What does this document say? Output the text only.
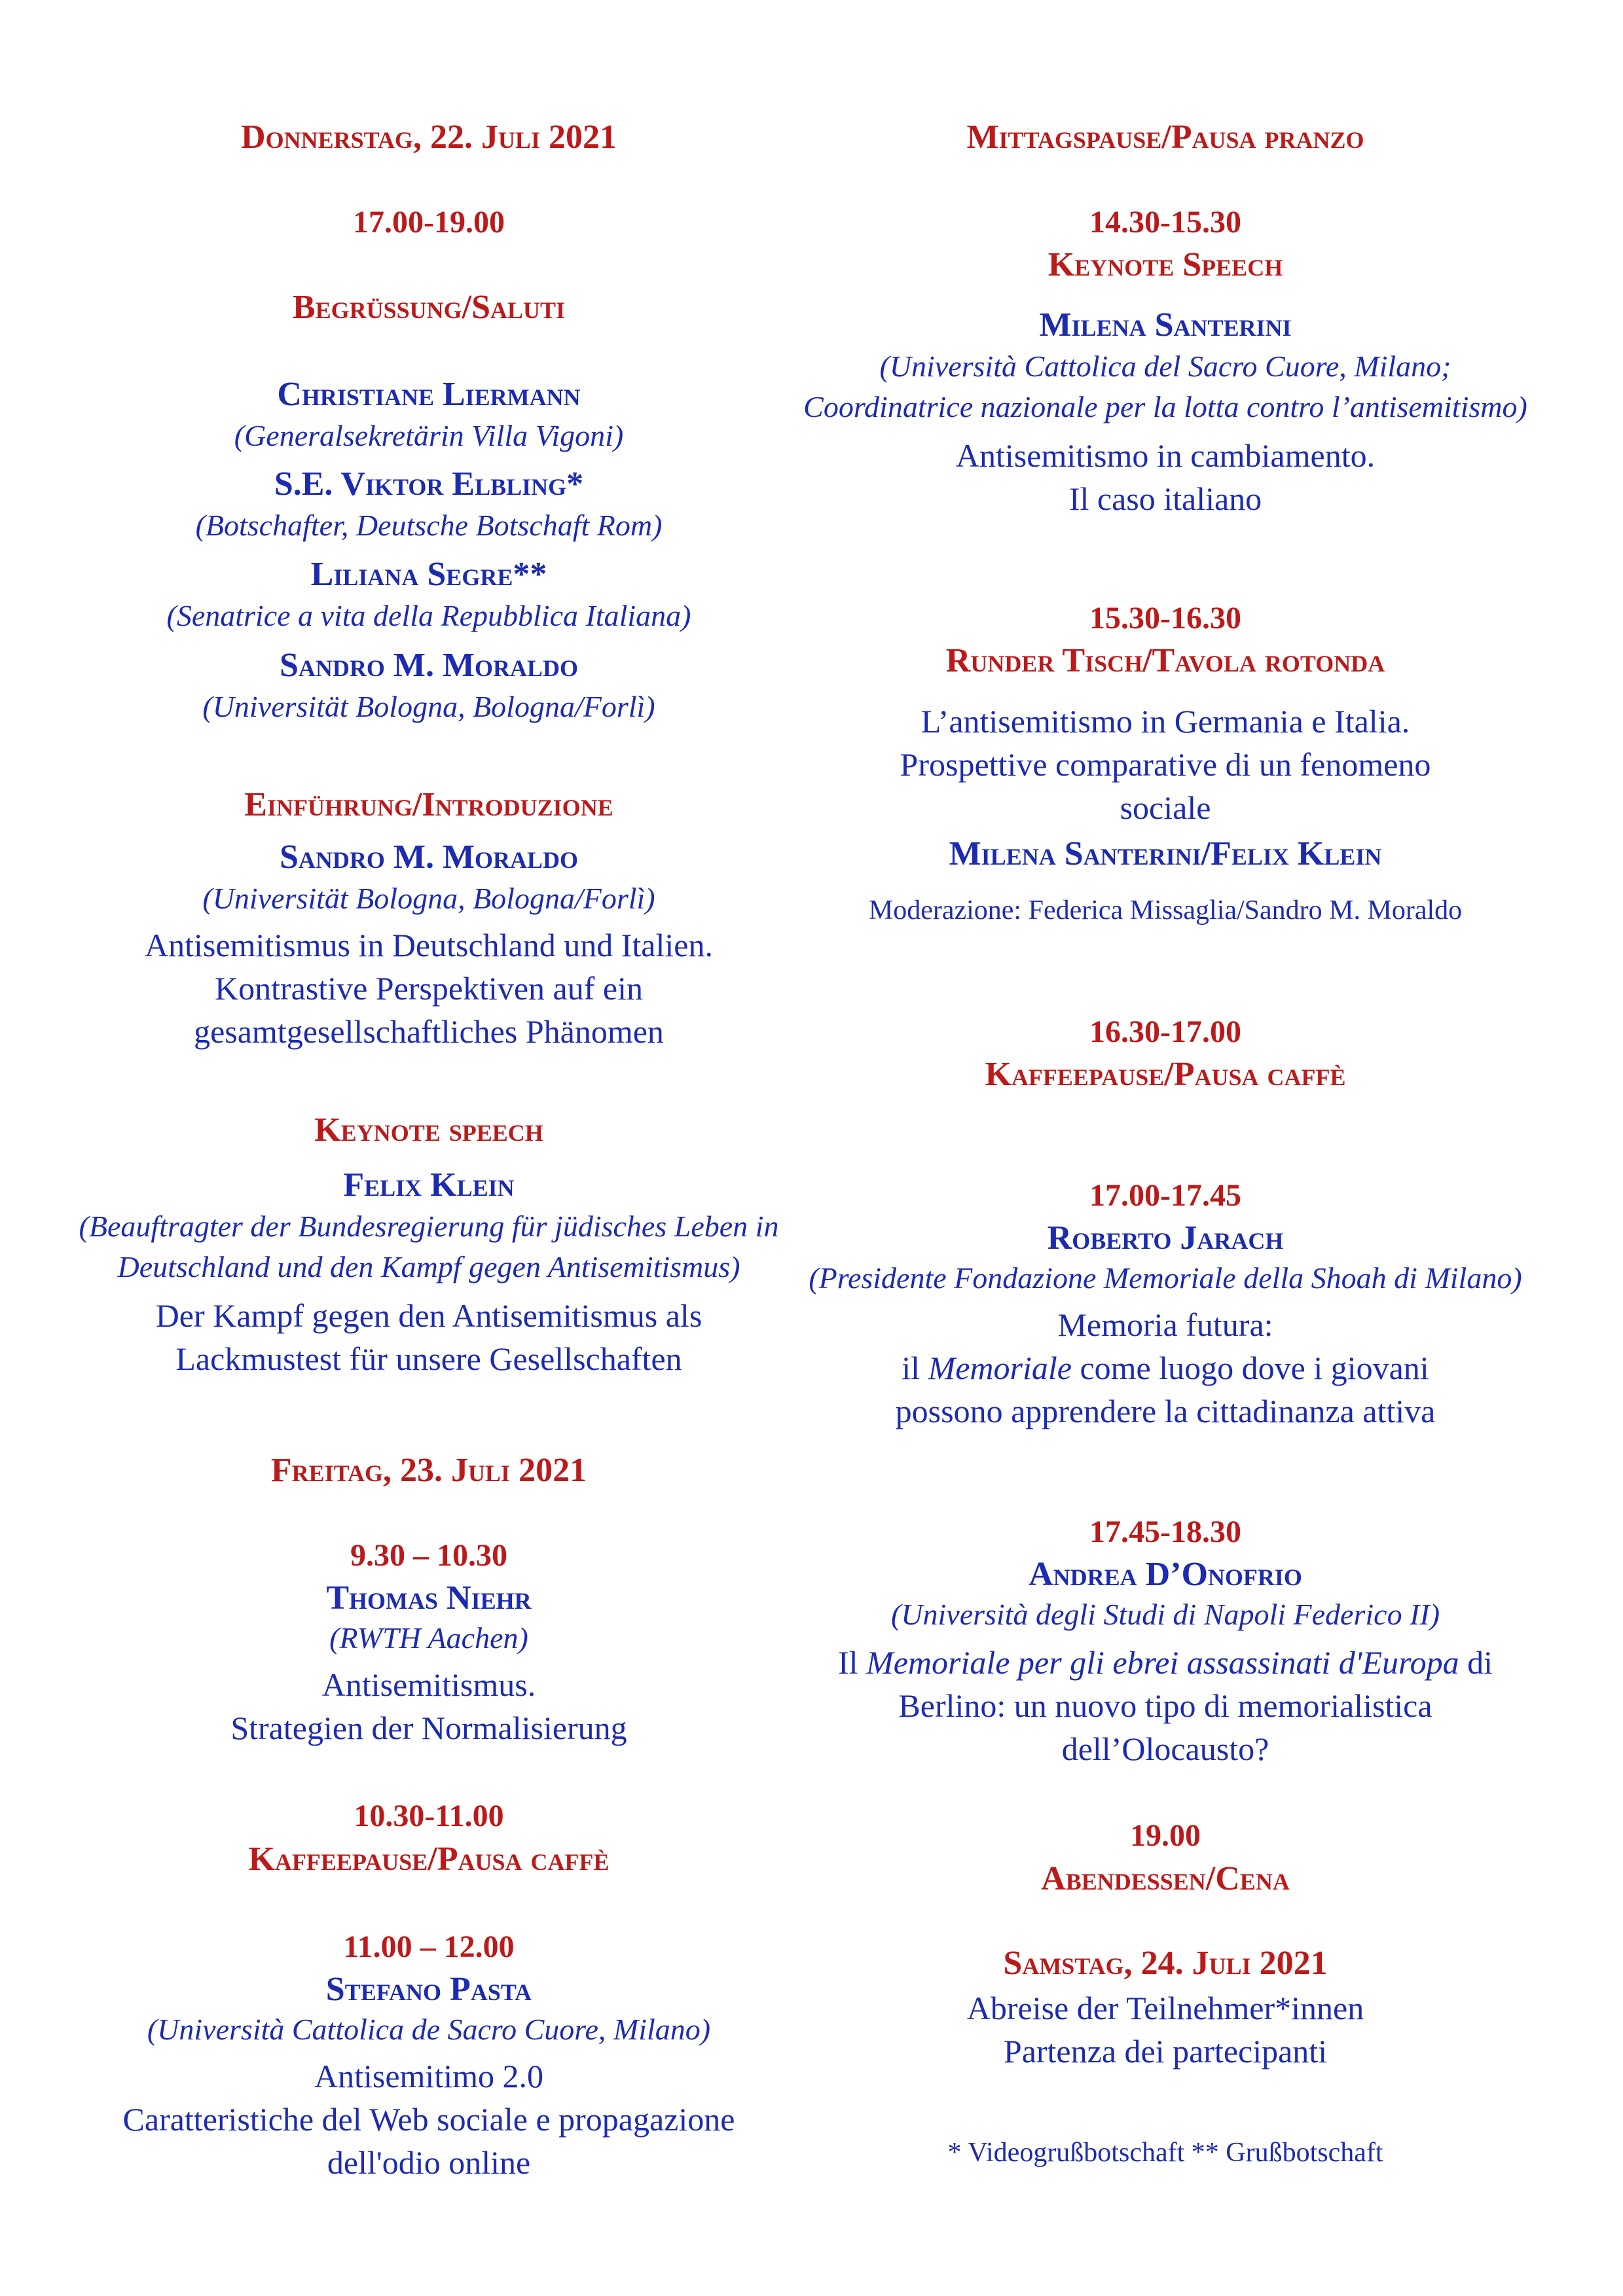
Donnerstag, 22. Juli 2021
17.00-19.00
Begrüßung/Saluti
Christiane Liermann
(Generalsekretärin Villa Vigoni)
S.E. Viktor Elbling*
(Botschafter, Deutsche Botschaft Rom)
Liliana Segre**
(Senatrice a vita della Repubblica Italiana)
Sandro M. Moraldo
(Universität Bologna, Bologna/Forlì)
Einführung/Introduzione
Sandro M. Moraldo
(Universität Bologna, Bologna/Forlì)
Antisemitismus in Deutschland und Italien.
Kontrastive Perspektiven auf ein
gesamtgesellschaftliches Phänomen
Keynote speech
Felix Klein
(Beauftragter der Bundesregierung für jüdisches Leben in
Deutschland und den Kampf gegen Antisemitismus)
Der Kampf gegen den Antisemitismus als
Lackmustest für unsere Gesellschaften
Freitag, 23. Juli 2021
9.30 – 10.30
Thomas Niehr
(RWTH Aachen)
Antisemitismus.
Strategien der Normalisierung
10.30-11.00
Kaffeepause/Pausa caffè
11.00 – 12.00
Stefano Pasta
(Università Cattolica de Sacro Cuore, Milano)
Antisemitimo 2.0
Caratteristiche del Web sociale e propagazione
dell'odio online
Mittagspause/Pausa pranzo
14.30-15.30
Keynote Speech
Milena Santerini
(Università Cattolica del Sacro Cuore, Milano;
Coordinatrice nazionale per la lotta contro l’antisemitismo)
Antisemitismo in cambiamento.
Il caso italiano
15.30-16.30
Runder Tisch/Tavola rotonda
L’antisemitismo in Germania e Italia.
Prospettive comparative di un fenomeno
sociale
Milena Santerini/Felix Klein
Moderazione: Federica Missaglia/Sandro M. Moraldo
16.30-17.00
Kaffeepause/Pausa caffè
17.00-17.45
Roberto Jarach
(Presidente Fondazione Memoriale della Shoah di Milano)
Memoria futura:
il Memoriale come luogo dove i giovani
possono apprendere la cittadinanza attiva
17.45-18.30
Andrea D’Onofrio
(Università degli Studi di Napoli Federico II)
Il Memoriale per gli ebrei assassinati d'Europa di
Berlino: un nuovo tipo di memorialistica
dell’Olocausto?
19.00
Abendessen/Cena
Samstag, 24. Juli 2021
Abreise der Teilnehmer*innen
Partenza dei partecipanti
* Videogrußbotschaft ** Grußbotschaft
